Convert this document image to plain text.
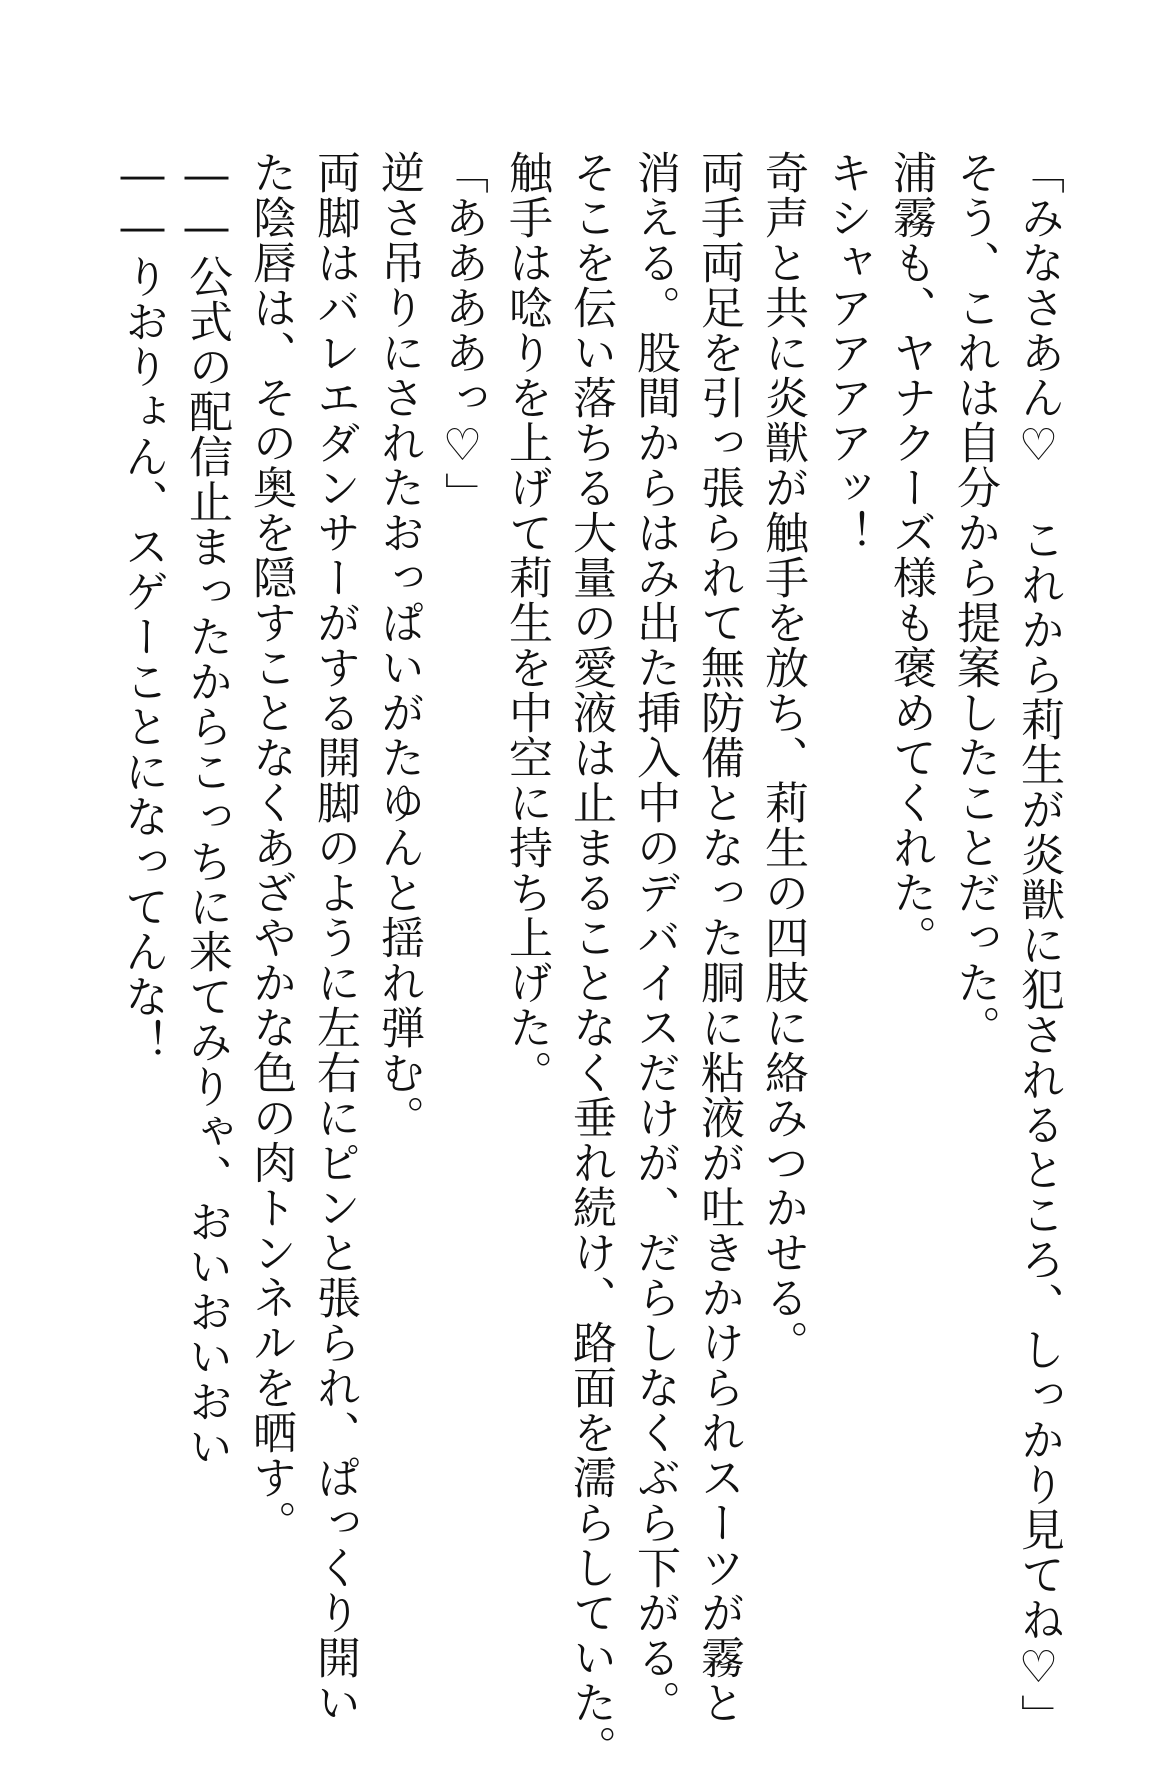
「みなさあん♡　これから莉生が炎獣に犯されるところ、しっかり見てね♡」

そう、これは自分から提案したことだった。

浦霧も、ヤナクーズ様も褒めてくれた。

キシャアアアアッ！

奇声と共に炎獣が触手を放ち、莉生の四肢に絡みつかせる。

両手両足を引っ張られて無防備となった胴に粘液が吐きかけられスーツが霧と

消える。股間からはみ出た挿入中のデバイスだけが、だらしなくぶら下がる。

そこを伝い落ちる大量の愛液は止まることなく垂れ続け、路面を濡らしていた。

触手は唸りを上げて莉生を中空に持ち上げた。

「ああああっ♡」

逆さ吊りにされたおっぱいがたゆんと揺れ弾む。

両脚はバレエダンサーがする開脚のように左右にピンと張られ、ぱっくり開い

た陰唇は、その奥を隠すことなくあざやかな色の肉トンネルを晒す。

――公式の配信止まったからこっちに来てみりゃ、おいおいおい

――りおりょん、スゲーことになってんな！
